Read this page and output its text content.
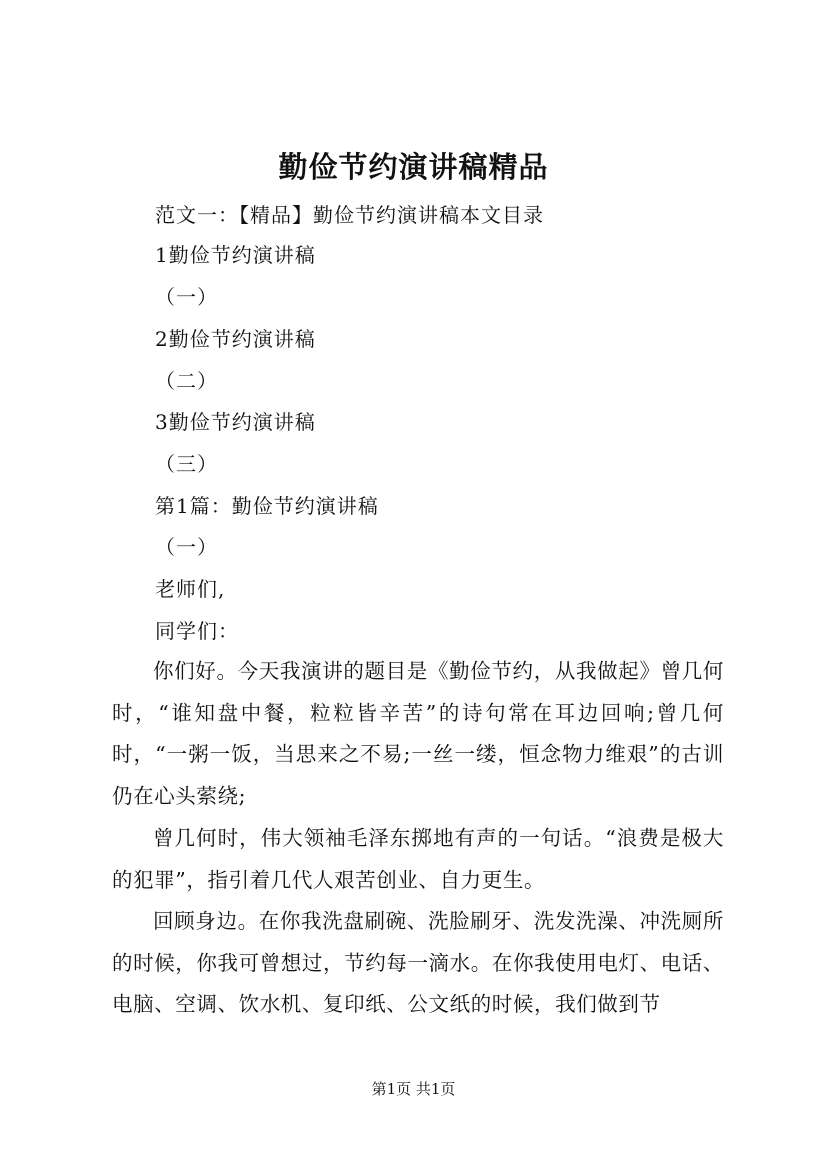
勤俭节约演讲稿精品
范文一：【精品】勤俭节约演讲稿本文目录
1勤俭节约演讲稿
（一）
2勤俭节约演讲稿
（二）
3勤俭节约演讲稿
（三）
第1篇：勤俭节约演讲稿
（一）
老师们,
同学们：

你们好。今天我演讲的题目是《勤俭节约，从我做起》曾几何时，“谁知盘中餐，粒粒皆辛苦”的诗句常在耳边回响;曾几何时，“一粥一饭，当思来之不易;一丝一缕，恒念物力维艰”的古训仍在心头萦绕;

曾几何时，伟大领袖毛泽东掷地有声的一句话。“浪费是极大的犯罪”，指引着几代人艰苦创业、自力更生。

回顾身边。在你我洗盘刷碗、洗脸刷牙、洗发洗澡、冲洗厕所的时候，你我可曾想过，节约每一滴水。在你我使用电灯、电话、电脑、空调、饮水机、复印纸、公文纸的时候，我们做到节

第1页 共1页
